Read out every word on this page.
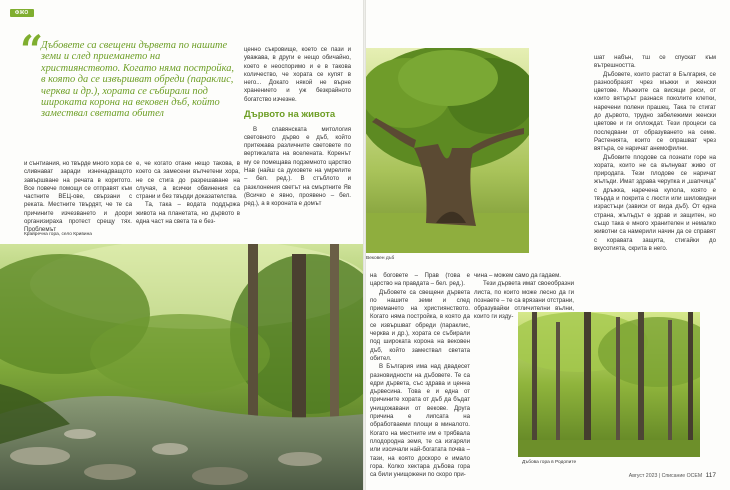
ФЖО
“
Дъбовете са свещени дървета по нашите земи и след приемането на християнството. Когато няма постройка, в която да се извършват обреди (параклис, черква и др.), хората се събирали под широката корона на вековен дъб, който замествал светата обител

и сънтиания, но твърде много хора се сливнават заради изненадващото завършване на речата в коритото. Все повече помощи се отправят към частните ВЕЦ-ове, свързани с реката. Местните твърдят, че те са причините изчезването и доори организираха протест срещу тях. Проблемът

е, че когато отане нещо такова, в което са замесени вълчетени хора, не се стига до разрешаване на случая, а всички обвинения са страни и без твърди доказателства.

Та, така – водата поддържа живота на планетата, но дървото в една част на света та е без-

ценно съкровище, което се пази и уважава, в други е нещо обичайно, което е неоспоримо и е в такова количество, че хората се купят в него... Докато някой не върне хранението и уж безкрайното богатство изчезне.

Дървото на живота

В славянската митология световното дърво е дъб, който притежава различните световете по вертикалата на вселената. Коренът му се помещава подземното царство Нав (найш са духовете на умрелите – бел. ред.). В стъблото и разклонения светът на смъртните Яв (Всичко е явно, проявено – бел. ред.), а в короната е домът

Крайречна гора, село Кривина
Вековен дъб

на боговете – Прав (това е царство на правдата – бел. ред.).

Дъбовете са свещени дървета по нашите земи и след приемането на християнството. Когато няма постройка, в която да се извършват обреди (параклис, черква и др.), хората се събирали под широката корона на вековен дъб, който замествал светата обител.

В България има над двадесет разновидности на дъбовете. Те са едри дървета, със здрава и ценна дървесина. Това е и една от причините хората от дъб да бъдат унищожавани от векове. Друга причина е липсата на обработваеми площи в миналото. Когато на местните им е трябвала плодородна земя, те са изгаряли или изсичали най-богатата почва – тази, на която доскоро е имало гора. Колко хектара дъбова гора са били унищожени по скоро при-

чина – можем само да гадаем.

Тези дървета имат своеобразни листа, по които може лесно да ги познаете – те са врязани отстрани, образувайки отличителни вълни, които ги изду-

Дъбова гора в Родопите

шат набън, тш се спускат към вътрешността.

Дъбовете, които растат в България, се разнообразят чрез мъжки и женски цветове. Мъжките са висящи реси, от които вятърът разнася поколите клетки, наречени полени прашец. Така те стигат до дървото, трудно забележими женски цветове и ги оплождат. Тези процеси са последвани от образуването на семе. Растенията, които се опрашват чрез вятъра, се наричат анемофилни.

Дъбовите плодове са познати горе на хората, които не са вълнуват живо от природата. Тези плодове се наричат жълъди. Имат здрава черупка и „шапчица" с дръжка, наречена купола, която е твърда и покрита с люсти или шиловидни израстъци (зависи от вида дъб). От една страна, жълъдът е здрав и защитен, но също така е много хранителен и немалко животни са намерили начин да се справят с коравата защита, стигайки до вкусотията, скрита в него.

Август 2023 | Списание ОСЕМ 117
